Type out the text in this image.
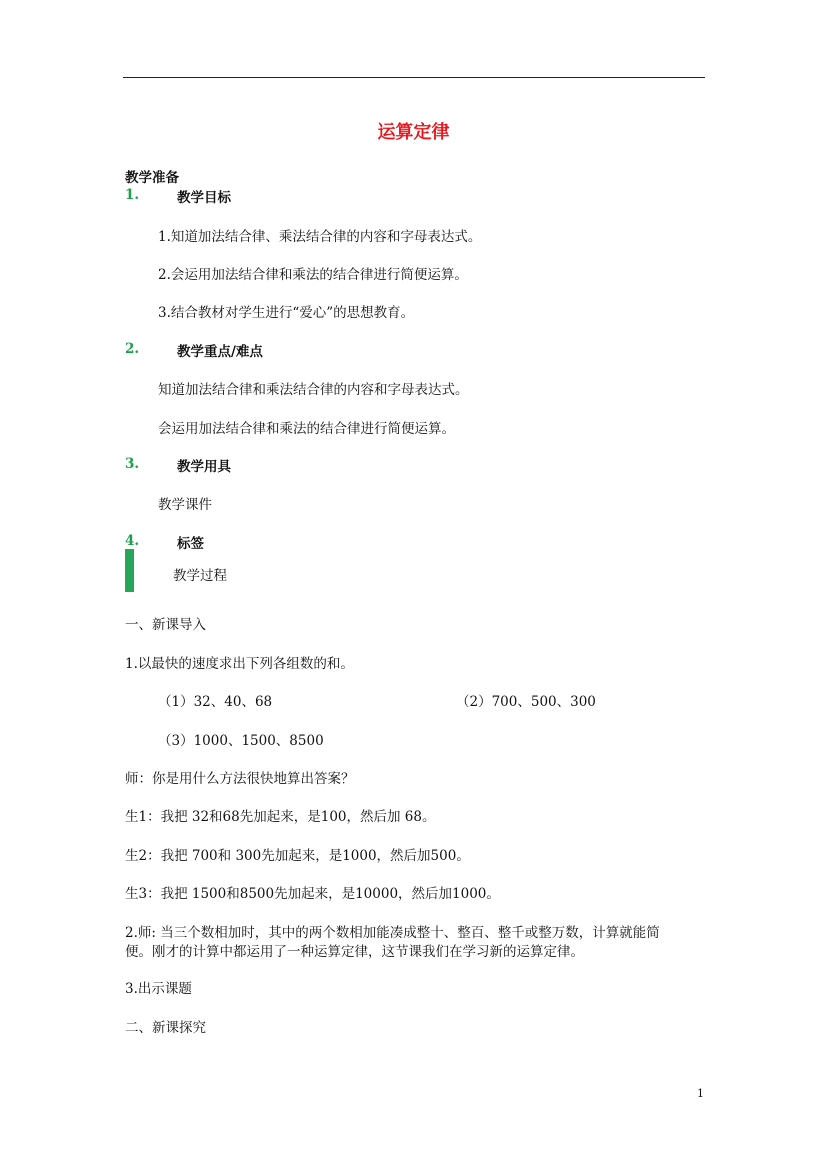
运算定律
教学准备
1.	教学目标
1.知道加法结合律、乘法结合律的内容和字母表达式。
2.会运用加法结合律和乘法的结合律进行简便运算。
3.结合教材对学生进行“爱心”的思想教育。
2.	教学重点/难点
知道加法结合律和乘法结合律的内容和字母表达式。
会运用加法结合律和乘法的结合律进行简便运算。
3.	教学用具
教学课件
4.	标签
教学过程
一、新课导入
1.以最快的速度求出下列各组数的和。
（1）32、40、68	（2）700、500、300
（3）1000、1500、8500
师：你是用什么方法很快地算出答案？
生1：我把 32和68先加起来，是100，然后加 68。
生2：我把 700和 300先加起来，是1000，然后加500。
生3：我把 1500和8500先加起来，是10000，然后加1000。
2.师: 当三个数相加时，其中的两个数相加能凑成整十、整百、整千或整万数，计算就能简
便。刚才的计算中都运用了一种运算定律，这节课我们在学习新的运算定律。
3.出示课题
二、新课探究
1
